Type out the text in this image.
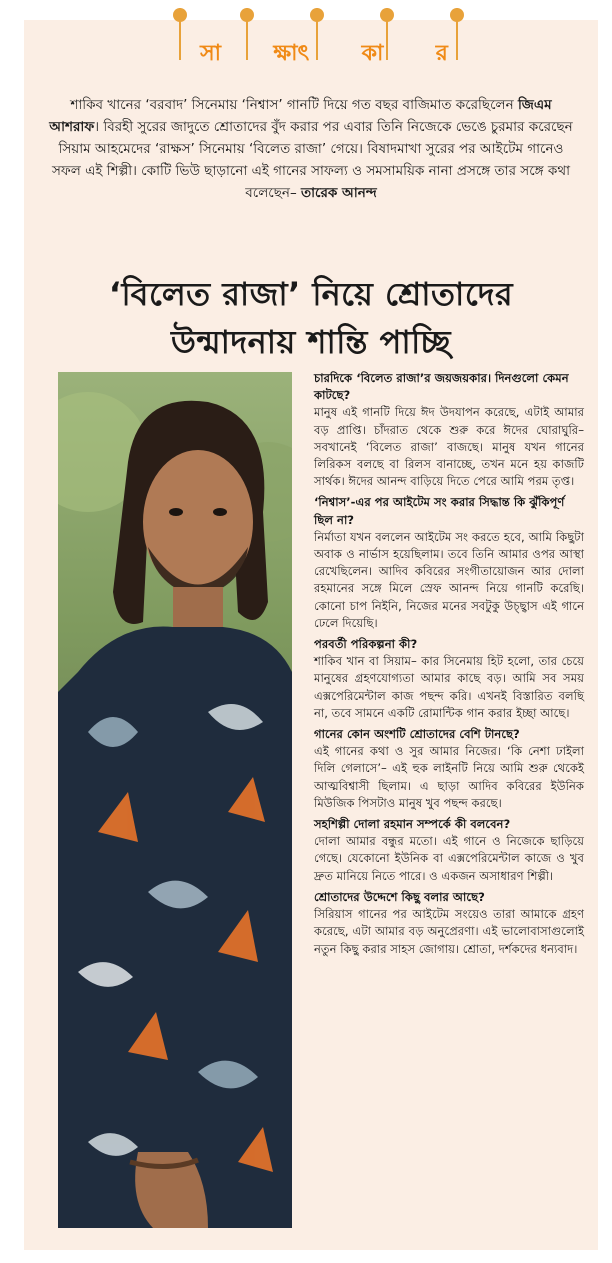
সা ক্ষাৎ কা র
শাকিব খানের ‘বরবাদ’ সিনেমায় ‘নিশ্বাস’ গানটি দিয়ে গত বছর বাজিমাত করেছিলেন জিএম আশরাফ। বিরহী সুরের জাদুতে শ্রোতাদের বুঁদ করার পর এবার তিনি নিজেকে ভেঙে চুরমার করেছেন সিয়াম আহমেদের ‘রাক্ষস’ সিনেমায় ‘বিলেত রাজা’ গেয়ে। বিষাদমাখা সুরের পর আইটেম গানেও সফল এই শিল্পী। কোটি ভিউ ছাড়ানো এই গানের সাফল্য ও সমসাময়িক নানা প্রসঙ্গে তার সঙ্গে কথা বলেছেন– তারেক আনন্দ
‘বিলেত রাজা’ নিয়ে শ্রোতাদের
উন্মাদনায় শান্তি পাচ্ছি

চারদিকে ‘বিলেত রাজা’র জয়জয়কার। দিনগুলো কেমন কাটছে?

মানুষ এই গানটি দিয়ে ঈদ উদযাপন করেছে, এটাই আমার বড় প্রাপ্তি। চাঁদরাত থেকে শুরু করে ঈদের ঘোরাঘুরি– সবখানেই ‘বিলেত রাজা’ বাজছে। মানুষ যখন গানের লিরিকস বলছে বা রিলস বানাচ্ছে, তখন মনে হয় কাজটি সার্থক। ঈদের আনন্দ বাড়িয়ে দিতে পেরে আমি পরম তৃপ্ত।

‘নিশ্বাস’-এর পর আইটেম সং করার সিদ্ধান্ত কি ঝুঁকিপূর্ণ ছিল না?

নির্মাতা যখন বললেন আইটেম সং করতে হবে, আমি কিছুটা অবাক ও নার্ভাস হয়েছিলাম। তবে তিনি আমার ওপর আস্থা রেখেছিলেন। আদিব কবিরের সংগীতায়োজন আর দোলা রহমানের সঙ্গে মিলে স্রেফ আনন্দ নিয়ে গানটি করেছি। কোনো চাপ নিইনি, নিজের মনের সবটুকু উচ্ছ্বাস এই গানে ঢেলে দিয়েছি।

পরবর্তী পরিকল্পনা কী?

শাকিব খান বা সিয়াম– কার সিনেমায় হিট হলো, তার চেয়ে মানুষের গ্রহণযোগ্যতা আমার কাছে বড়। আমি সব সময় এক্সপেরিমেন্টাল কাজ পছন্দ করি। এখনই বিস্তারিত বলছি না, তবে সামনে একটি রোমান্টিক গান করার ইচ্ছা আছে।

গানের কোন অংশটি শ্রোতাদের বেশি টানছে?

এই গানের কথা ও সুর আমার নিজের। ‘কি নেশা ঢাইলা দিলি গেলাসে’– এই হুক লাইনটি নিয়ে আমি শুরু থেকেই আত্মবিশ্বাসী ছিলাম। এ ছাড়া আদিব কবিরের ইউনিক মিউজিক পিসটাও মানুষ খুব পছন্দ করছে।

সহশিল্পী দোলা রহমান সম্পর্কে কী বলবেন?

দোলা আমার বন্ধুর মতো। এই গানে ও নিজেকে ছাড়িয়ে গেছে। যেকোনো ইউনিক বা এক্সপেরিমেন্টাল কাজে ও খুব দ্রুত মানিয়ে নিতে পারে। ও একজন অসাধারণ শিল্পী।

শ্রোতাদের উদ্দেশে কিছু বলার আছে?

সিরিয়াস গানের পর আইটেম সংয়েও তারা আমাকে গ্রহণ করেছে, এটা আমার বড় অনুপ্রেরণা। এই ভালোবাসাগুলোই নতুন কিছু করার সাহস জোগায়। শ্রোতা, দর্শকদের ধন্যবাদ।
